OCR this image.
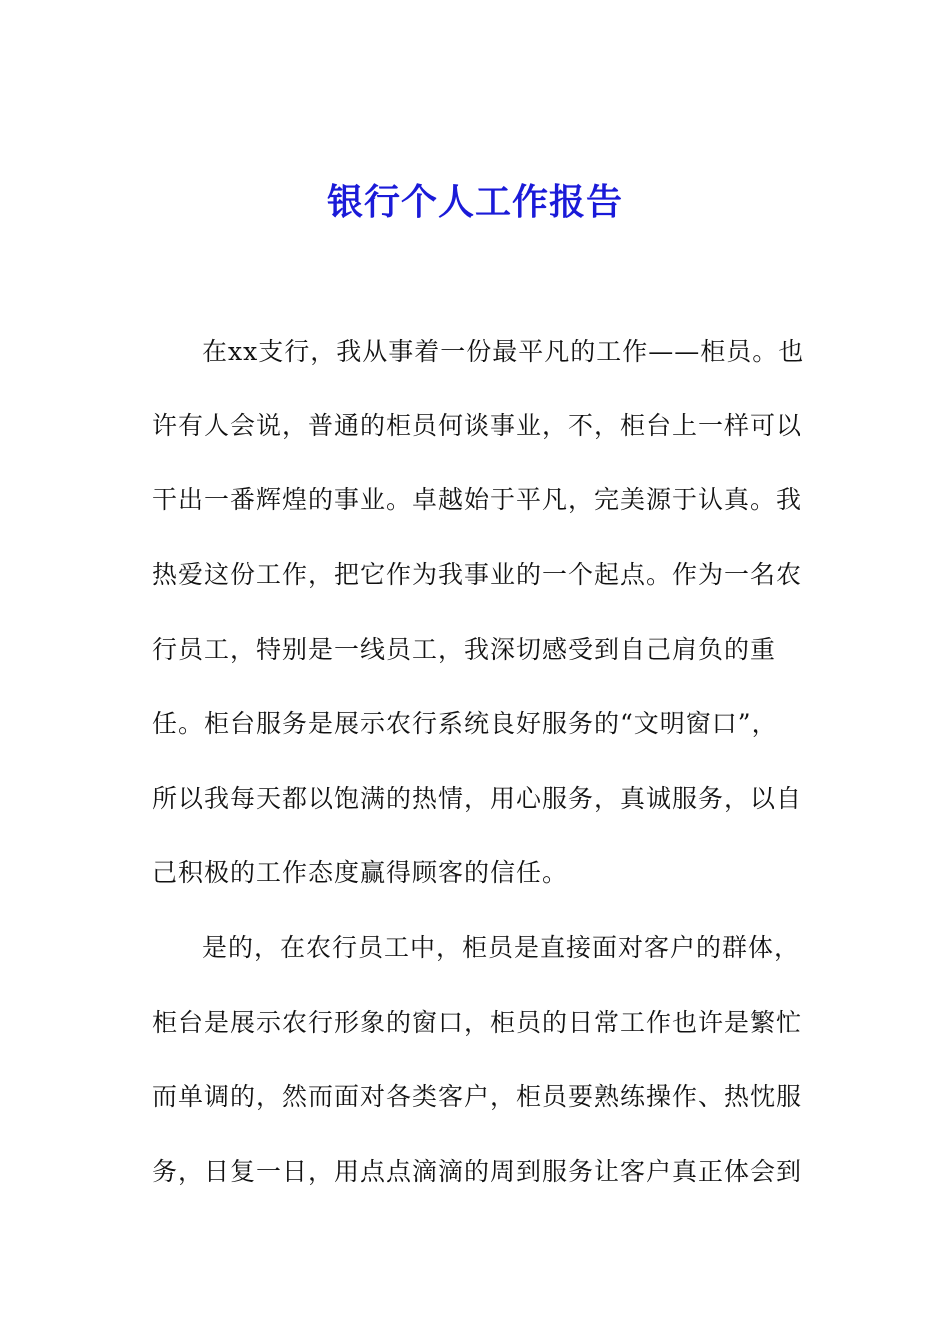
银行个人工作报告
在xx支行，我从事着一份最平凡的工作——柜员。也
许有人会说，普通的柜员何谈事业，不，柜台上一样可以
干出一番辉煌的事业。卓越始于平凡，完美源于认真。我
热爱这份工作，把它作为我事业的一个起点。作为一名农
行员工，特别是一线员工，我深切感受到自己肩负的重
任。柜台服务是展示农行系统良好服务的“文明窗口”，
所以我每天都以饱满的热情，用心服务，真诚服务，以自
己积极的工作态度赢得顾客的信任。
是的，在农行员工中，柜员是直接面对客户的群体，
柜台是展示农行形象的窗口，柜员的日常工作也许是繁忙
而单调的，然而面对各类客户，柜员要熟练操作、热忱服
务，日复一日，用点点滴滴的周到服务让客户真正体会到
